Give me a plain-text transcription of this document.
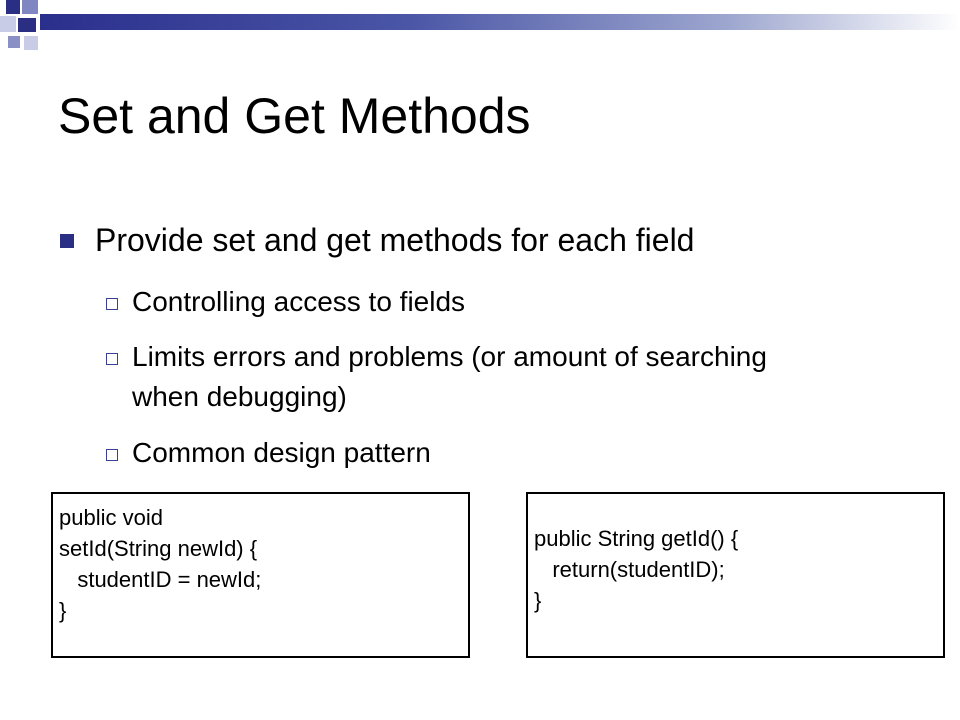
Set and Get Methods
Provide set and get methods for each field
Controlling access to fields
Limits errors and problems (or amount of searching when debugging)
Common design pattern
public void
setId(String newId) {
studentID = newId;
}
public String getId() {
return(studentID);
}
